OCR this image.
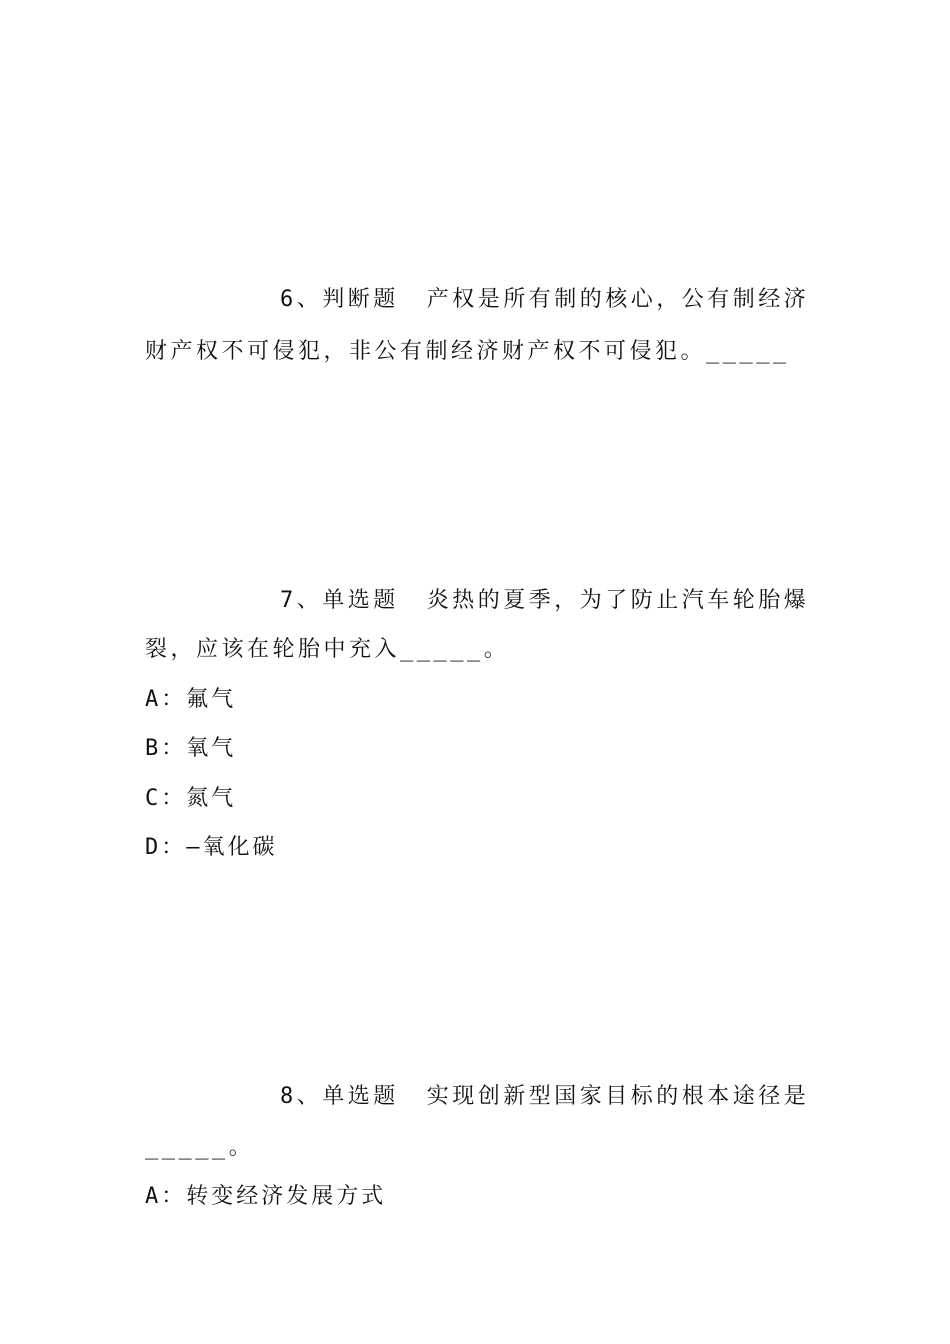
6、判断题 产权是所有制的核心，公有制经济
财产权不可侵犯，非公有制经济财产权不可侵犯。_____
7、单选题 炎热的夏季，为了防止汽车轮胎爆
裂，应该在轮胎中充入_____。
A：氟气
B：氧气
C：氮气
D：—氧化碳
8、单选题 实现创新型国家目标的根本途径是
_____。
A：转变经济发展方式
